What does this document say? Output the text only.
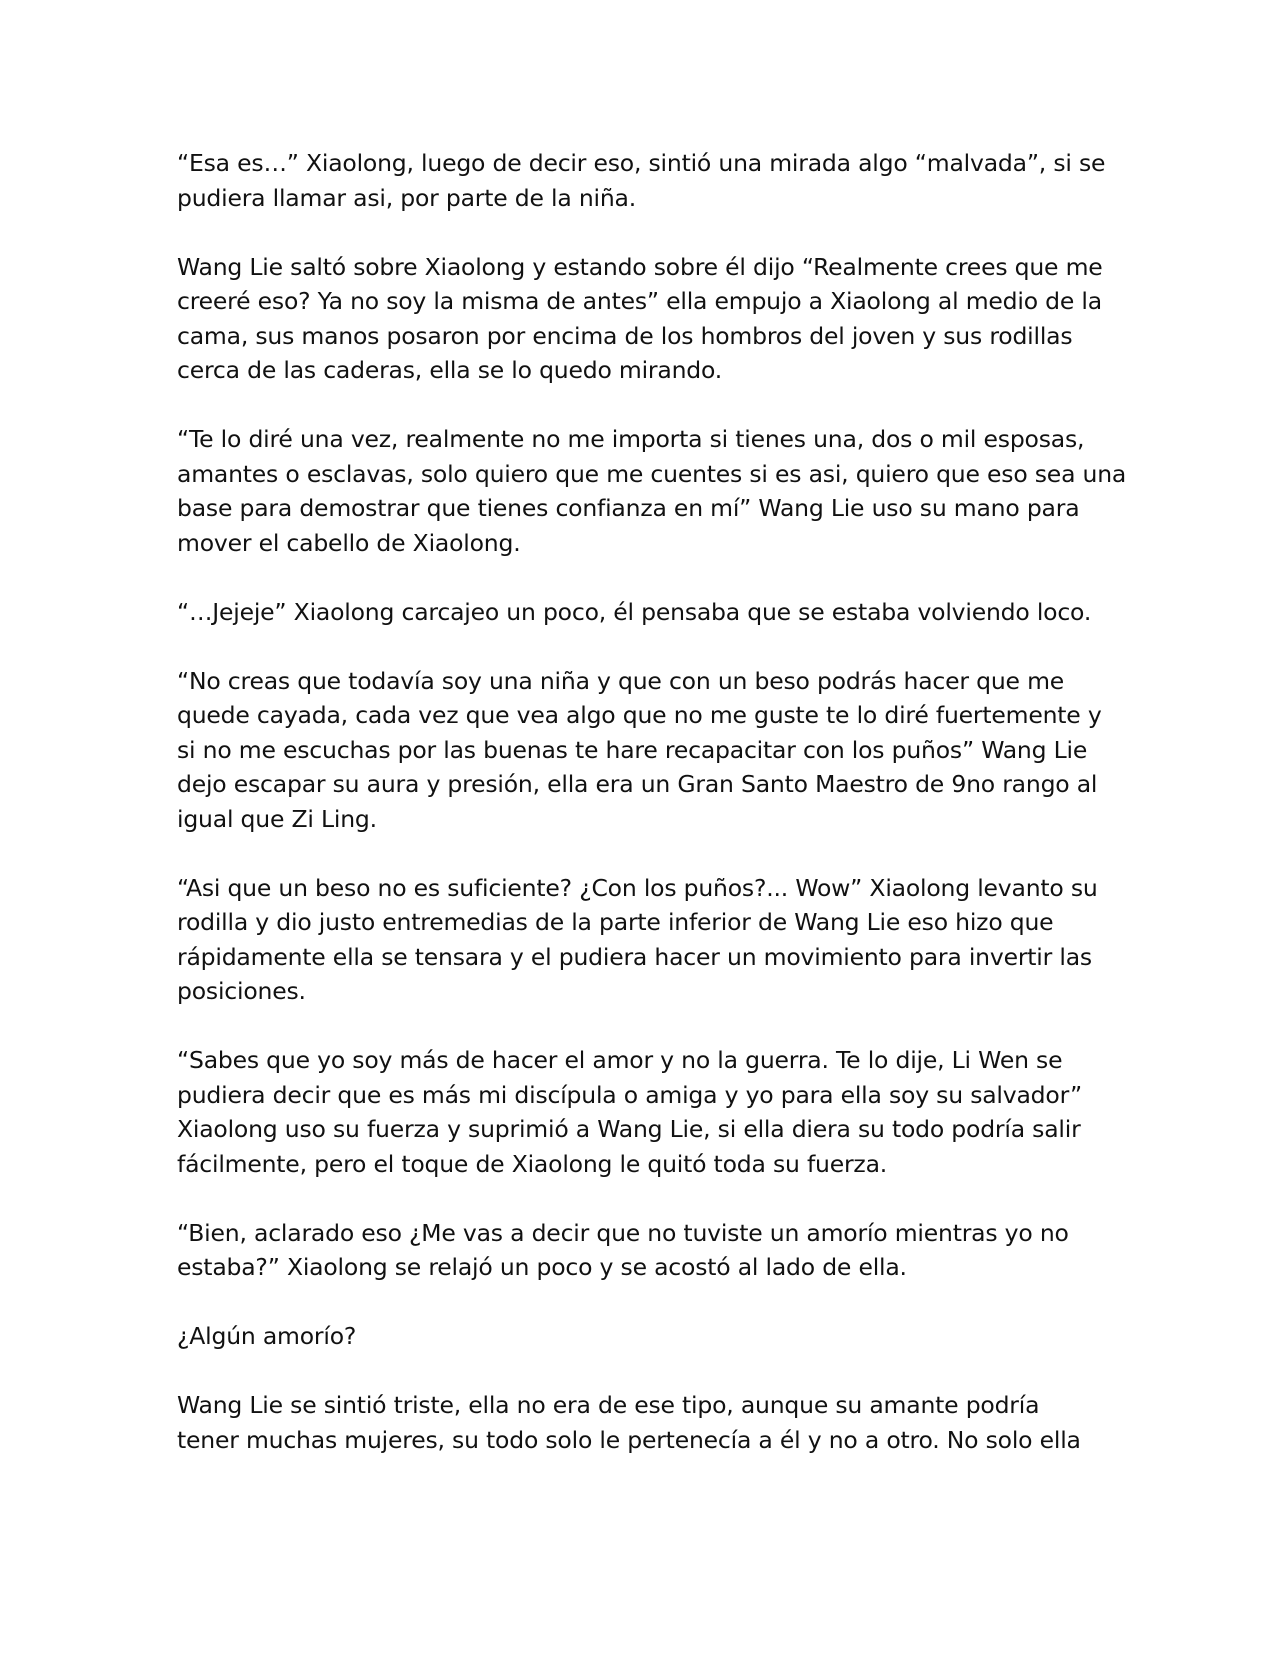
“Esa es…” Xiaolong, luego de decir eso, sintió una mirada algo “malvada”, si se
pudiera llamar asi, por parte de la niña.

Wang Lie saltó sobre Xiaolong y estando sobre él dijo “Realmente crees que me
creeré eso? Ya no soy la misma de antes” ella empujo a Xiaolong al medio de la
cama, sus manos posaron por encima de los hombros del joven y sus rodillas
cerca de las caderas, ella se lo quedo mirando.

“Te lo diré una vez, realmente no me importa si tienes una, dos o mil esposas,
amantes o esclavas, solo quiero que me cuentes si es asi, quiero que eso sea una
base para demostrar que tienes confianza en mí” Wang Lie uso su mano para
mover el cabello de Xiaolong.

“…Jejeje” Xiaolong carcajeo un poco, él pensaba que se estaba volviendo loco.

“No creas que todavía soy una niña y que con un beso podrás hacer que me
quede cayada, cada vez que vea algo que no me guste te lo diré fuertemente y
si no me escuchas por las buenas te hare recapacitar con los puños” Wang Lie
dejo escapar su aura y presión, ella era un Gran Santo Maestro de 9no rango al
igual que Zi Ling.

“Asi que un beso no es suficiente? ¿Con los puños?... Wow” Xiaolong levanto su
rodilla y dio justo entremedias de la parte inferior de Wang Lie eso hizo que
rápidamente ella se tensara y el pudiera hacer un movimiento para invertir las
posiciones.

“Sabes que yo soy más de hacer el amor y no la guerra. Te lo dije, Li Wen se
pudiera decir que es más mi discípula o amiga y yo para ella soy su salvador”
Xiaolong uso su fuerza y suprimió a Wang Lie, si ella diera su todo podría salir
fácilmente, pero el toque de Xiaolong le quitó toda su fuerza.

“Bien, aclarado eso ¿Me vas a decir que no tuviste un amorío mientras yo no
estaba?” Xiaolong se relajó un poco y se acostó al lado de ella.

¿Algún amorío?

Wang Lie se sintió triste, ella no era de ese tipo, aunque su amante podría
tener muchas mujeres, su todo solo le pertenecía a él y no a otro. No solo ella
